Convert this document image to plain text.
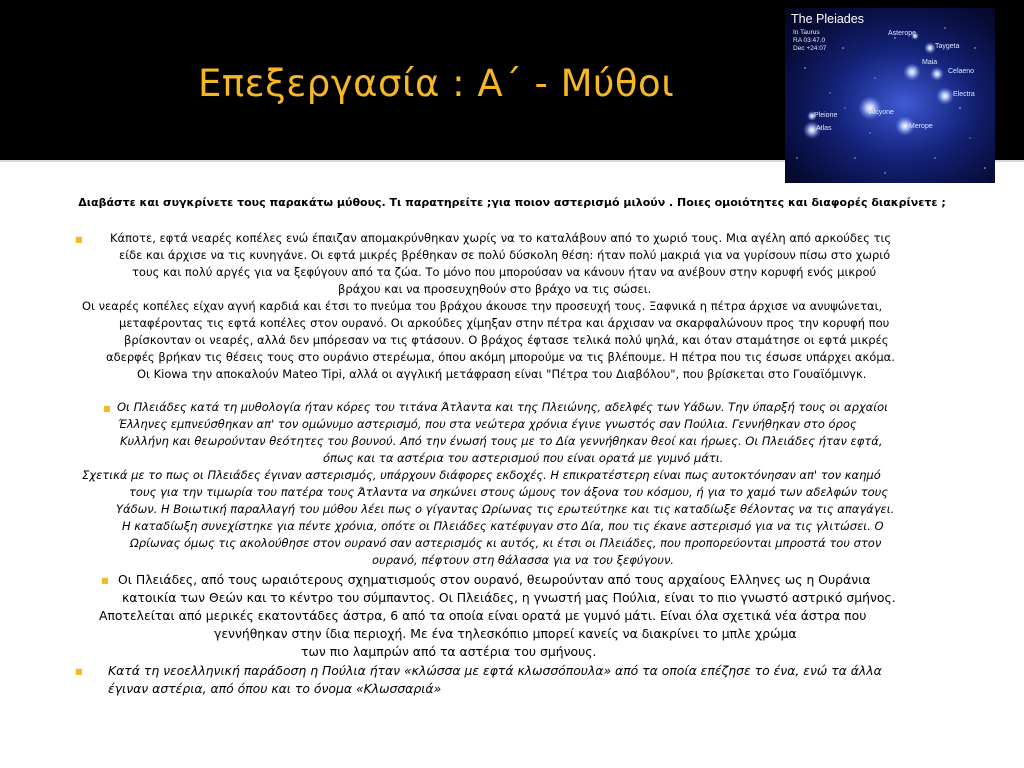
Επεξεργασία : Α΄ - Μύθοι
The Pleiades
In Taurus
RA 03:47.0
Dec +24:07
Asterope
Taygeta
Maia
Celaeno
Electra
Pleione
Atlas
Alcyone
Merope
Διαβάστε και συγκρίνετε τους παρακάτω μύθους. Τι παρατηρείτε ;για ποιον αστερισμό μιλούν . Ποιες ομοιότητες και διαφορές διακρίνετε ;
■ Κάποτε, εφτά νεαρές κοπέλες ενώ έπαιζαν απομακρύνθηκαν χωρίς να το καταλάβουν από το χωριό τους. Μια αγέλη από αρκούδες τις
είδε και άρχισε να τις κυνηγάνε. Οι εφτά μικρές βρέθηκαν σε πολύ δύσκολη θέση: ήταν πολύ μακριά για να γυρίσουν πίσω στο χωριό
τους και πολύ αργές για να ξεφύγουν από τα ζώα. Το μόνο που μπορούσαν να κάνουν ήταν να ανέβουν στην κορυφή ενός μικρού
βράχου και να προσευχηθούν στο βράχο να τις σώσει.
Οι νεαρές κοπέλες είχαν αγνή καρδιά και έτσι το πνεύμα του βράχου άκουσε την προσευχή τους. Ξαφνικά η πέτρα άρχισε να ανυψώνεται,
μεταφέροντας τις εφτά κοπέλες στον ουρανό. Οι αρκούδες χίμηξαν στην πέτρα και άρχισαν να σκαρφαλώνουν προς την κορυφή που
βρίσκονταν οι νεαρές, αλλά δεν μπόρεσαν να τις φτάσουν. Ο βράχος έφτασε τελικά πολύ ψηλά, και όταν σταμάτησε οι εφτά μικρές
αδερφές βρήκαν τις θέσεις τους στο ουράνιο στερέωμα, όπου ακόμη μπορούμε να τις βλέπουμε. Η πέτρα που τις έσωσε υπάρχει ακόμα.
Οι Kiowa την αποκαλούν Mateo Tipi, αλλά οι αγγλική μετάφραση είναι "Πέτρα του Διαβόλου", που βρίσκεται στο Γουαϊόμινγκ.
■ Οι Πλειάδες κατά τη μυθολογία ήταν κόρες του τιτάνα Άτλαντα και της Πλειώνης, αδελφές των Υάδων. Την ύπαρξή τους οι αρχαίοι
Έλληνες εμπνεύσθηκαν απ' τον ομώνυμο αστερισμό, που στα νεώτερα χρόνια έγινε γνωστός σαν Πούλια. Γεννήθηκαν στο όρος
Κυλλήνη και θεωρούνταν θεότητες του βουνού. Από την ένωσή τους με το Δία γεννήθηκαν θεοί και ήρωες. Οι Πλειάδες ήταν εφτά,
όπως και τα αστέρια του αστερισμού που είναι ορατά με γυμνό μάτι.
Σχετικά με το πως οι Πλειάδες έγιναν αστερισμός, υπάρχουν διάφορες εκδοχές. Η επικρατέστερη είναι πως αυτοκτόνησαν απ' τον καημό
τους για την τιμωρία του πατέρα τους Άτλαντα να σηκώνει στους ώμους τον άξονα του κόσμου, ή για το χαμό των αδελφών τους
Υάδων. Η Βοιωτική παραλλαγή του μύθου λέει πως ο γίγαντας Ωρίωνας τις ερωτεύτηκε και τις καταδίωξε θέλοντας να τις απαγάγει.
Η καταδίωξη συνεχίστηκε για πέντε χρόνια, οπότε οι Πλειάδες κατέφυγαν στο Δία, που τις έκανε αστερισμό για να τις γλιτώσει. Ο
Ωρίωνας όμως τις ακολούθησε στον ουρανό σαν αστερισμός κι αυτός, κι έτσι οι Πλειάδες, που προπορεύονται μπροστά του στον
ουρανό, πέφτουν στη θάλασσα για να του ξεφύγουν.
■ Οι Πλειάδες, από τους ωραιότερους σχηματισμούς στον ουρανό, θεωρούνταν από τους αρχαίους Ελληνες ως η Ουράνια
κατοικία των Θεών και το κέντρο του σύμπαντος. Οι Πλειάδες, η γνωστή μας Πούλια, είναι το πιο γνωστό αστρικό σμήνος.
Αποτελείται από μερικές εκατοντάδες άστρα, 6 από τα οποία είναι ορατά με γυμνό μάτι. Είναι όλα σχετικά νέα άστρα που
γεννήθηκαν στην ίδια περιοχή. Με ένα τηλεσκόπιο μπορεί κανείς να διακρίνει το μπλε χρώμα
των πιο λαμπρών από τα αστέρια του σμήνους.
■ Κατά τη νεοελληνική παράδοση η Πούλια ήταν «κλώσσα με εφτά κλωσσόπουλα» από τα οποία επέζησε το ένα, ενώ τα άλλα
έγιναν αστέρια, από όπου και το όνομα «Κλωσσαριά»
